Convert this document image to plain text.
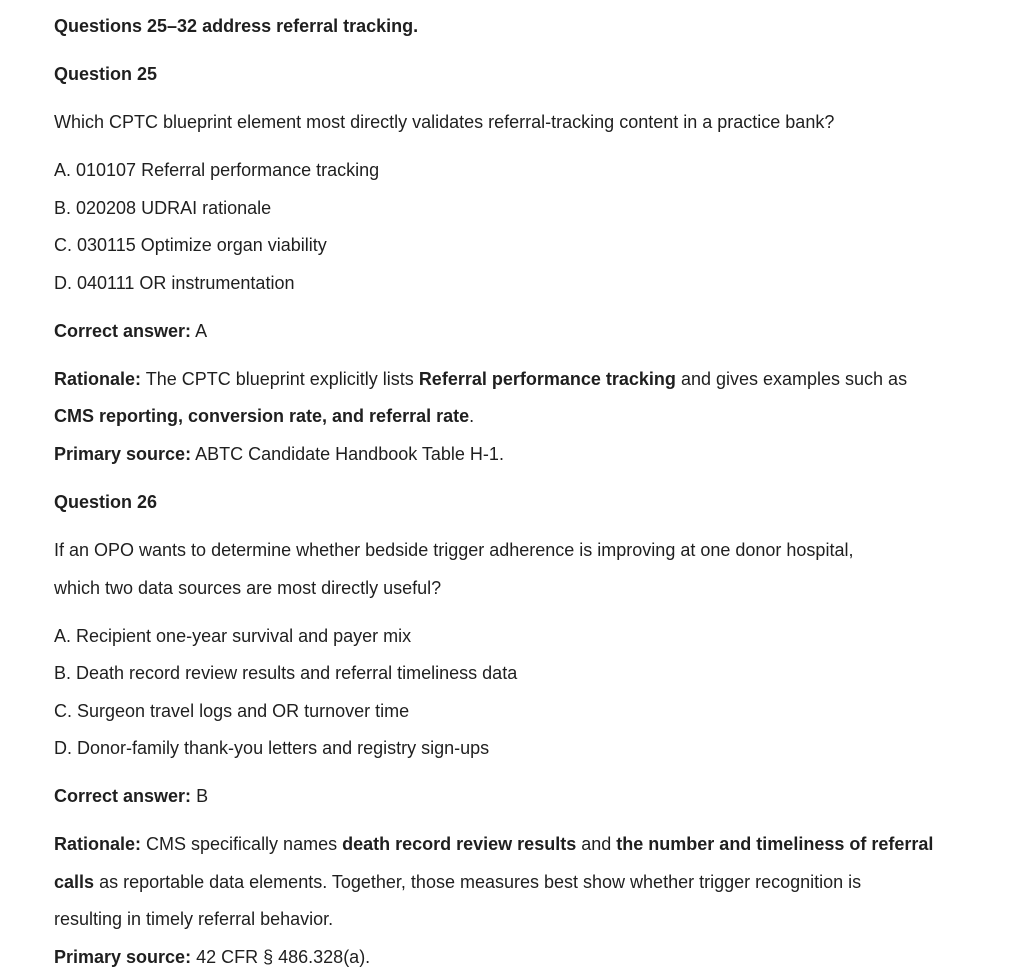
Questions 25–32 address referral tracking.
Question 25
Which CPTC blueprint element most directly validates referral-tracking content in a practice bank?
A. 010107 Referral performance tracking
B. 020208 UDRAI rationale
C. 030115 Optimize organ viability
D. 040111 OR instrumentation
Correct answer: A
Rationale: The CPTC blueprint explicitly lists Referral performance tracking and gives examples such as
CMS reporting, conversion rate, and referral rate.
Primary source: ABTC Candidate Handbook Table H-1.
Question 26
If an OPO wants to determine whether bedside trigger adherence is improving at one donor hospital,
which two data sources are most directly useful?
A. Recipient one-year survival and payer mix
B. Death record review results and referral timeliness data
C. Surgeon travel logs and OR turnover time
D. Donor-family thank-you letters and registry sign-ups
Correct answer: B
Rationale: CMS specifically names death record review results and the number and timeliness of referral
calls as reportable data elements. Together, those measures best show whether trigger recognition is
resulting in timely referral behavior.
Primary source: 42 CFR § 486.328(a).
